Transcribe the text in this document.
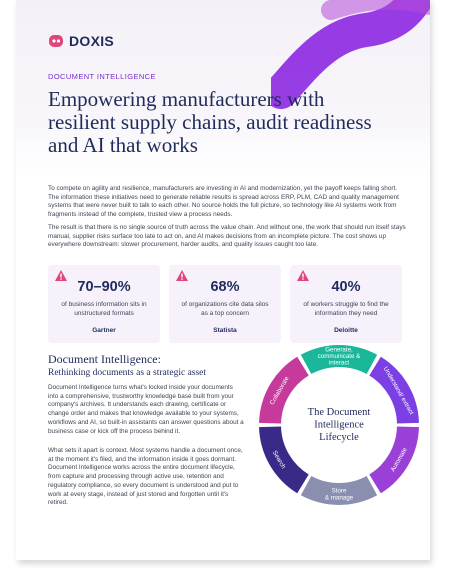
DOXIS
DOCUMENT INTELLIGENCE
Empowering manufacturers with resilient supply chains, audit readiness and AI that works

To compete on agility and resilience, manufacturers are investing in AI and modernization, yet the payoff keeps falling short. The information these initiatives need to generate reliable results is spread across ERP, PLM, CAD and quality management systems that were never built to talk to each other. No source holds the full picture, so technology like AI systems work from fragments instead of the complete, trusted view a process needs.

The result is that there is no single source of truth across the value chain. And without one, the work that should run itself stays manual, supplier risks surface too late to act on, and AI makes decisions from an incomplete picture. The cost shows up everywhere downstream: slower procurement, harder audits, and quality issues caught too late.

70–90%
of business information sits in unstructured formats
Gartner
68%
of organizations cite data silos as a top concern
Statista
40%
of workers struggle to find the information they need
Deloitte
Document Intelligence:
Rethinking documents as a strategic asset

Document Intelligence turns what's locked inside your documents into a comprehensive, trustworthy knowledge base built from your company's archives. It understands each drawing, certificate or change order and makes that knowledge available to your systems, workflows and AI, so built-in assistants can answer questions about a business case or kick off the process behind it.

What sets it apart is context. Most systems handle a document once, at the moment it's filed, and the information inside it goes dormant. Document Intelligence works across the entire document lifecycle, from capture and processing through active use, retention and regulatory compliance, so every document is understood and put to work at every stage, instead of just stored and forgotten until it's retired.

Generate, communicate & interact
Understand/ extract
Automate
Store & manage
Search
Collaborate
The Document Intelligence Lifecycle
